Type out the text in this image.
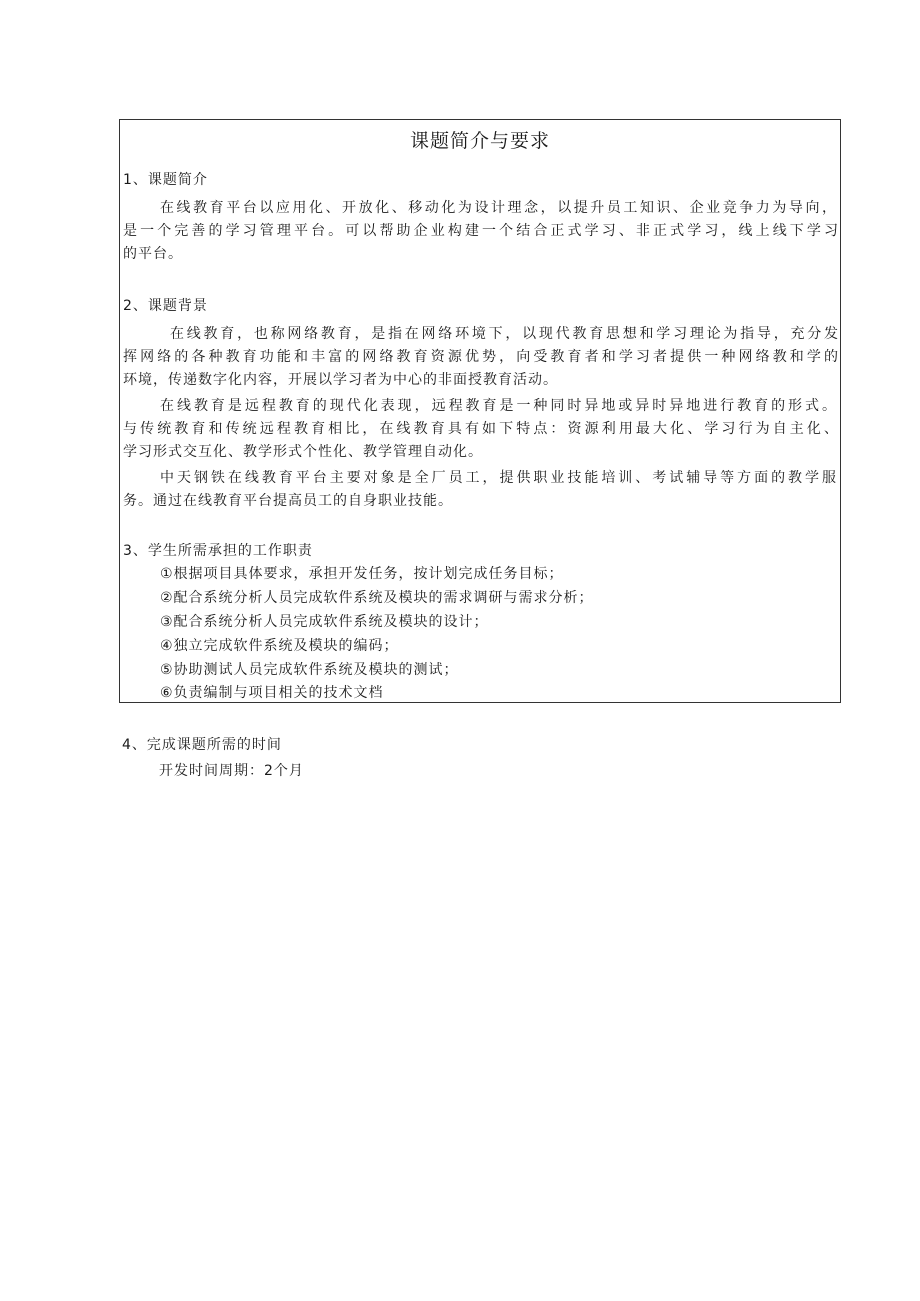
课题简介与要求

1、课题简介

在线教育平台以应用化、开放化、移动化为设计理念，以提升员工知识、企业竞争力为导向，

是一个完善的学习管理平台。可以帮助企业构建一个结合正式学习、非正式学习，线上线下学习

的平台。

2、课题背景

在线教育，也称网络教育，是指在网络环境下，以现代教育思想和学习理论为指导，充分发

挥网络的各种教育功能和丰富的网络教育资源优势，向受教育者和学习者提供一种网络教和学的

环境，传递数字化内容，开展以学习者为中心的非面授教育活动。

在线教育是远程教育的现代化表现，远程教育是一种同时异地或异时异地进行教育的形式。

与传统教育和传统远程教育相比，在线教育具有如下特点：资源利用最大化、学习行为自主化、

学习形式交互化、教学形式个性化、教学管理自动化。

中天钢铁在线教育平台主要对象是全厂员工，提供职业技能培训、考试辅导等方面的教学服

务。通过在线教育平台提高员工的自身职业技能。

3、学生所需承担的工作职责

①根据项目具体要求，承担开发任务，按计划完成任务目标；

②配合系统分析人员完成软件系统及模块的需求调研与需求分析；

③配合系统分析人员完成软件系统及模块的设计；

④独立完成软件系统及模块的编码；

⑤协助测试人员完成软件系统及模块的测试；

⑥负责编制与项目相关的技术文档

4、完成课题所需的时间

开发时间周期：2个月
